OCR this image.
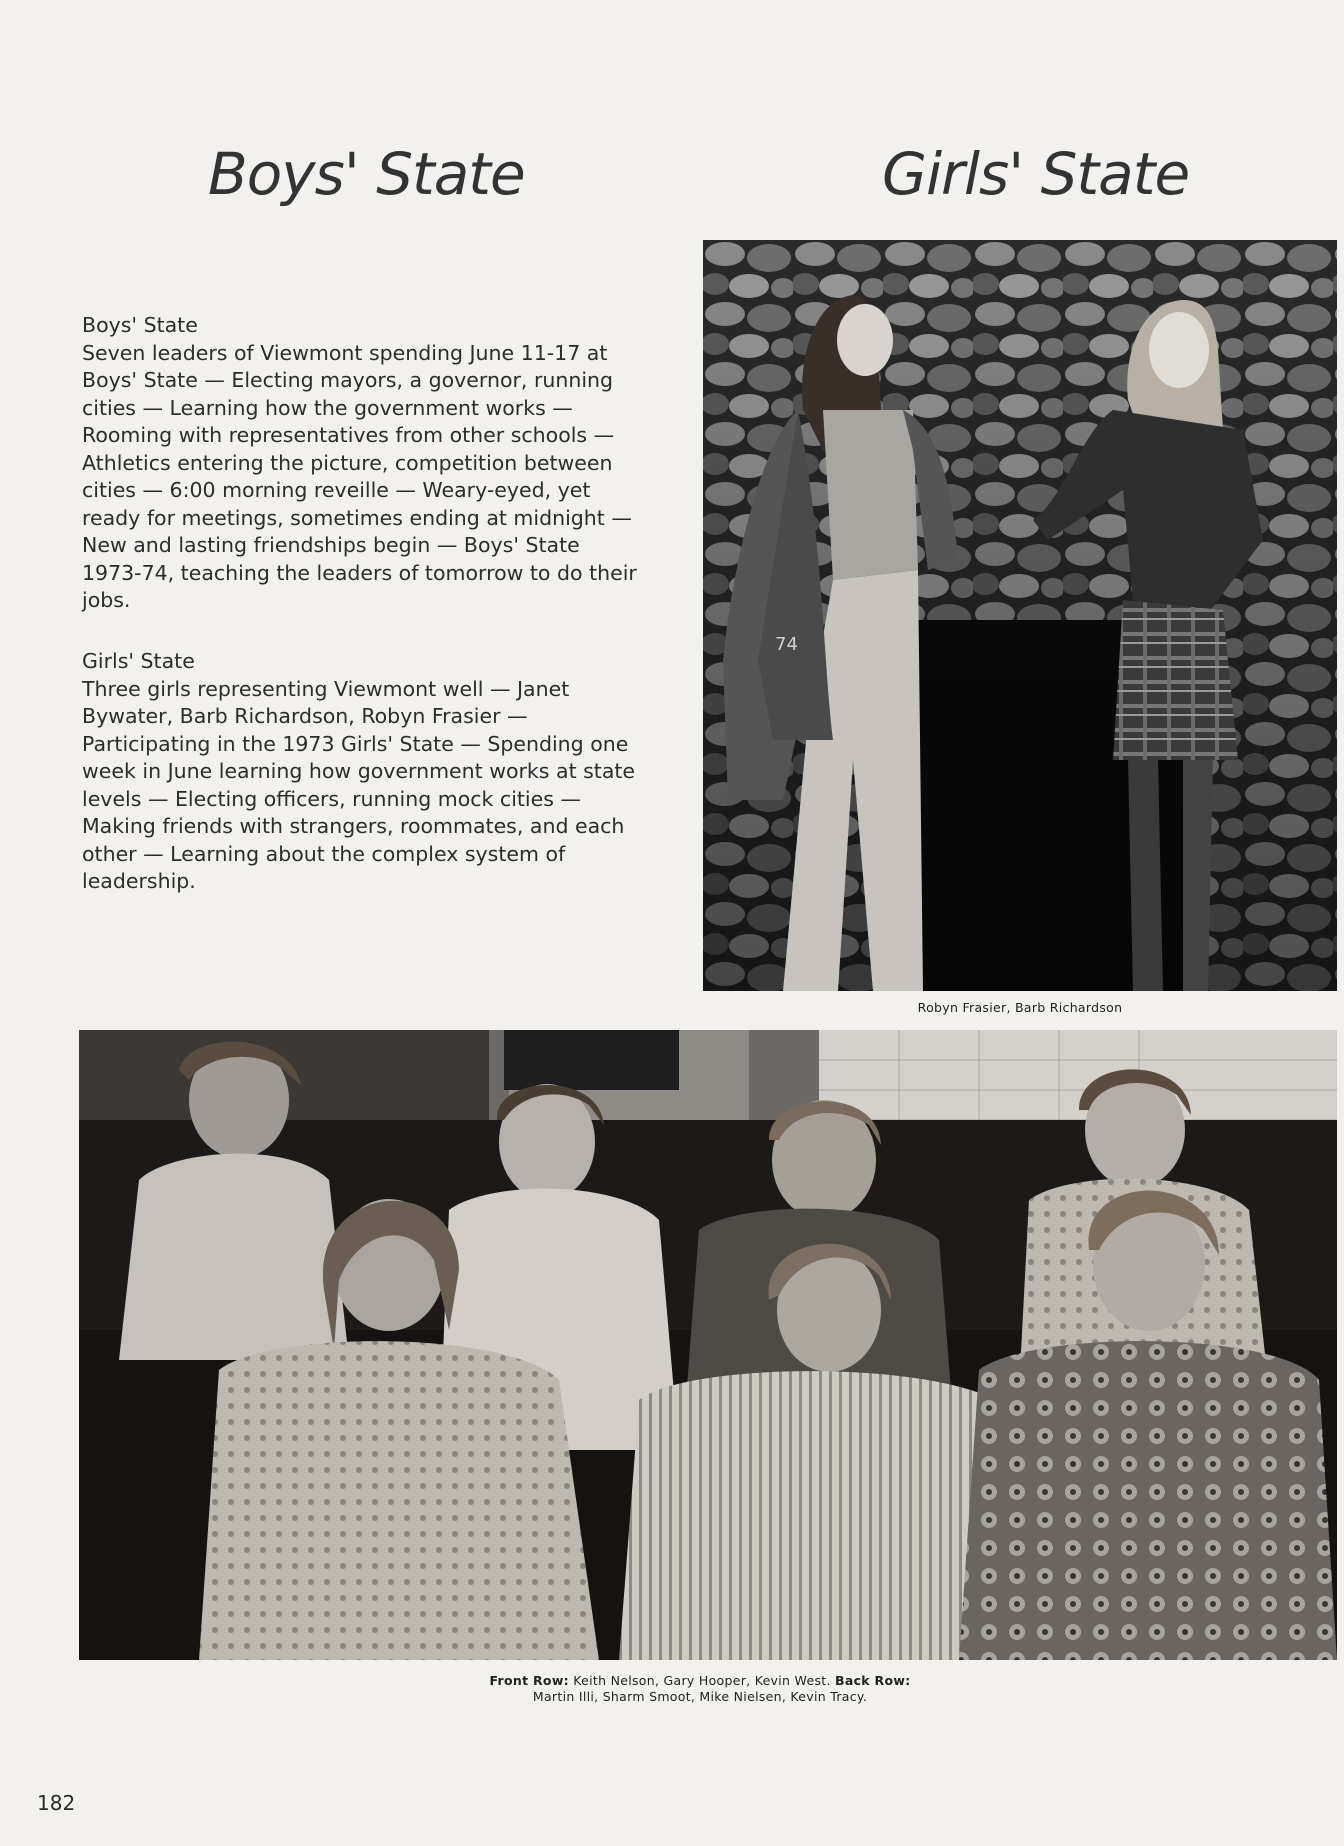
Boys' State	Girls' State
Boys' State

Seven leaders of Viewmont spending June 11-17 at Boys' State — Electing mayors, a governor, running cities — Learning how the government works — Rooming with representatives from other schools — Athletics entering the picture, competition between cities — 6:00 morning reveille — Weary-eyed, yet ready for meetings, sometimes ending at midnight — New and lasting friendships begin — Boys' State 1973-74, teaching the leaders of tomorrow to do their jobs.

Girls' State

Three girls representing Viewmont well — Janet Bywater, Barb Richardson, Robyn Frasier — Participating in the 1973 Girls' State — Spending one week in June learning how government works at state levels — Electing officers, running mock cities — Making friends with strangers, roommates, and each other — Learning about the complex system of leadership.

74
Robyn Frasier, Barb Richardson
Front Row: Keith Nelson, Gary Hooper, Kevin West. Back Row:
Martin Illi, Sharm Smoot, Mike Nielsen, Kevin Tracy.
182
